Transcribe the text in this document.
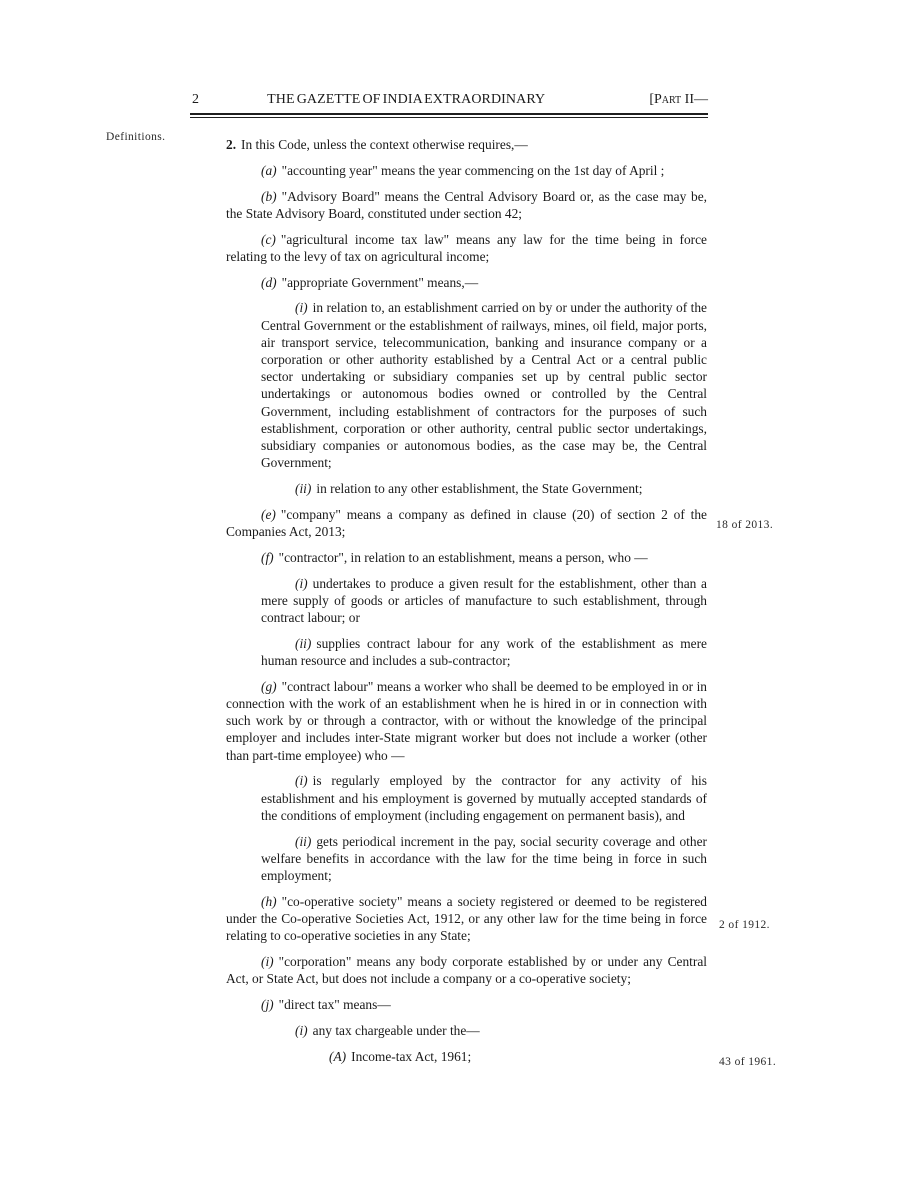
2	THE GAZETTE OF INDIA EXTRAORDINARY	[Part II—
Definitions.
18 of 2013.
2 of 1912.
43 of 1961.

2. In this Code, unless the context otherwise requires,—

(a) "accounting year" means the year commencing on the 1st day of April ;

(b) "Advisory Board" means the Central Advisory Board or, as the case may be, the State Advisory Board, constituted under section 42;

(c) "agricultural income tax law" means any law for the time being in force relating to the levy of tax on agricultural income;

(d) "appropriate Government" means,—

(i) in relation to, an establishment carried on by or under the authority of the Central Government or the establishment of railways, mines, oil field, major ports, air transport service, telecommunication, banking and insurance company or a corporation or other authority established by a Central Act or a central public sector undertaking or subsidiary companies set up by central public sector undertakings or autonomous bodies owned or controlled by the Central Government, including establishment of contractors for the purposes of such establishment, corporation or other authority, central public sector undertakings, subsidiary companies or autonomous bodies, as the case may be, the Central Government;

(ii) in relation to any other establishment, the State Government;

(e) "company" means a company as defined in clause (20) of section 2 of the Companies Act, 2013;

(f) "contractor", in relation to an establishment, means a person, who —

(i) undertakes to produce a given result for the establishment, other than a mere supply of goods or articles of manufacture to such establishment, through contract labour; or

(ii) supplies contract labour for any work of the establishment as mere human resource and includes a sub-contractor;

(g) "contract labour" means a worker who shall be deemed to be employed in or in connection with the work of an establishment when he is hired in or in connection with such work by or through a contractor, with or without the knowledge of the principal employer and includes inter-State migrant worker but does not include a worker (other than part-time employee) who —

(i) is regularly employed by the contractor for any activity of his establishment and his employment is governed by mutually accepted standards of the conditions of employment (including engagement on permanent basis), and

(ii) gets periodical increment in the pay, social security coverage and other welfare benefits in accordance with the law for the time being in force in such employment;

(h) "co-operative society" means a society registered or deemed to be registered under the Co-operative Societies Act, 1912, or any other law for the time being in force relating to co-operative societies in any State;

(i) "corporation" means any body corporate established by or under any Central Act, or State Act, but does not include a company or a co-operative society;

(j) "direct tax" means—

(i) any tax chargeable under the—

(A) Income-tax Act, 1961;
